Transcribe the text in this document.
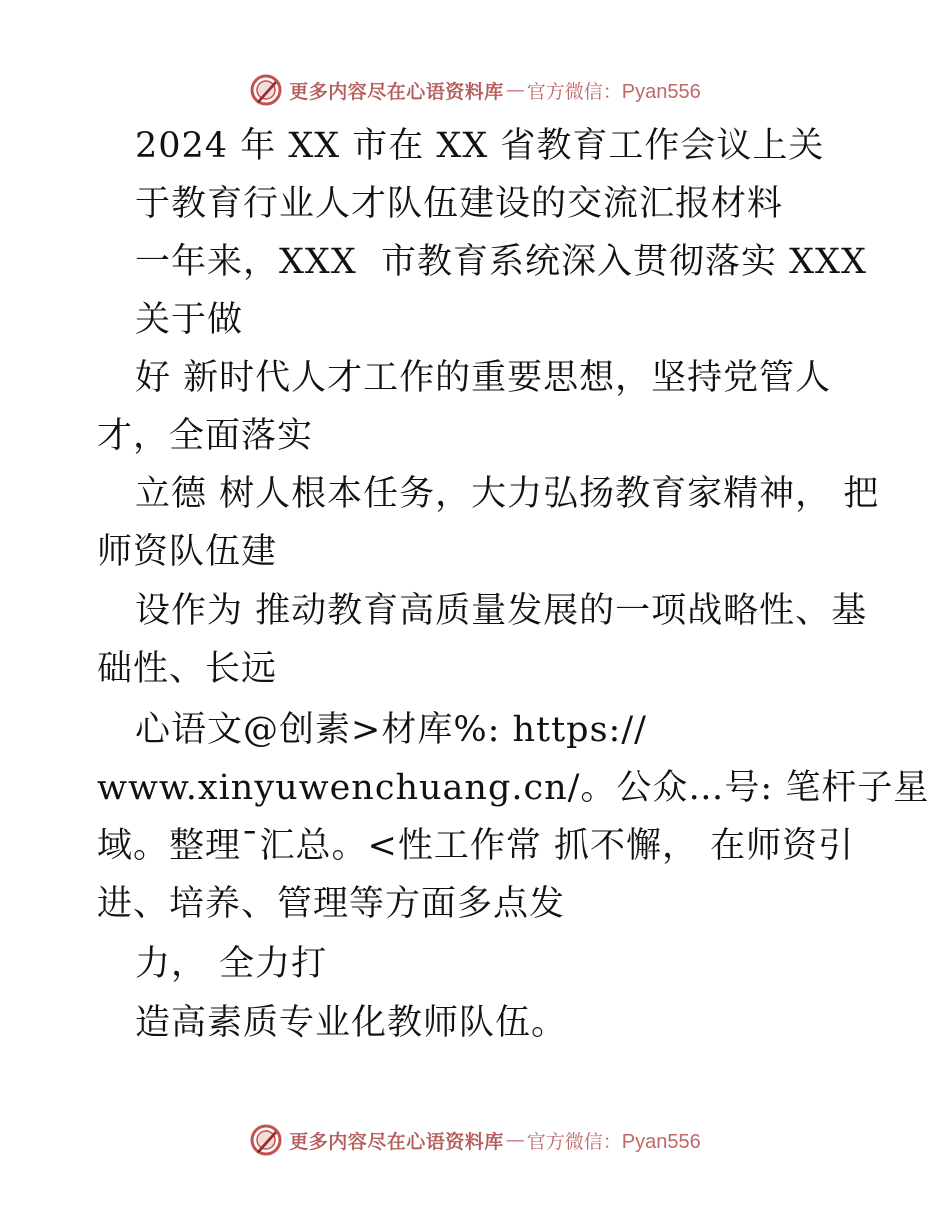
更多内容尽在心语资料库 — 官方微信：Pyan556
2024 年 XX 市在 XX 省教育工作会议上关
于教育行业人才队伍建设的交流汇报材料
一年来，XXX  市教育系统深入贯彻落实 XXX
关于做
好 新时代人才工作的重要思想，坚持党管人
才，全面落实
立德 树人根本任务，大力弘扬教育家精神， 把
师资队伍建
设作为 推动教育高质量发展的一项战略性、基
础性、长远
心语文@创素>材库%: https://
www.xinyuwenchuang.cn/。公众…号: 笔杆子星
域。整理¯汇总。<性工作常 抓不懈， 在师资引
进、培养、管理等方面多点发
力， 全力打
造高素质专业化教师队伍。
更多内容尽在心语资料库 — 官方微信：Pyan556
